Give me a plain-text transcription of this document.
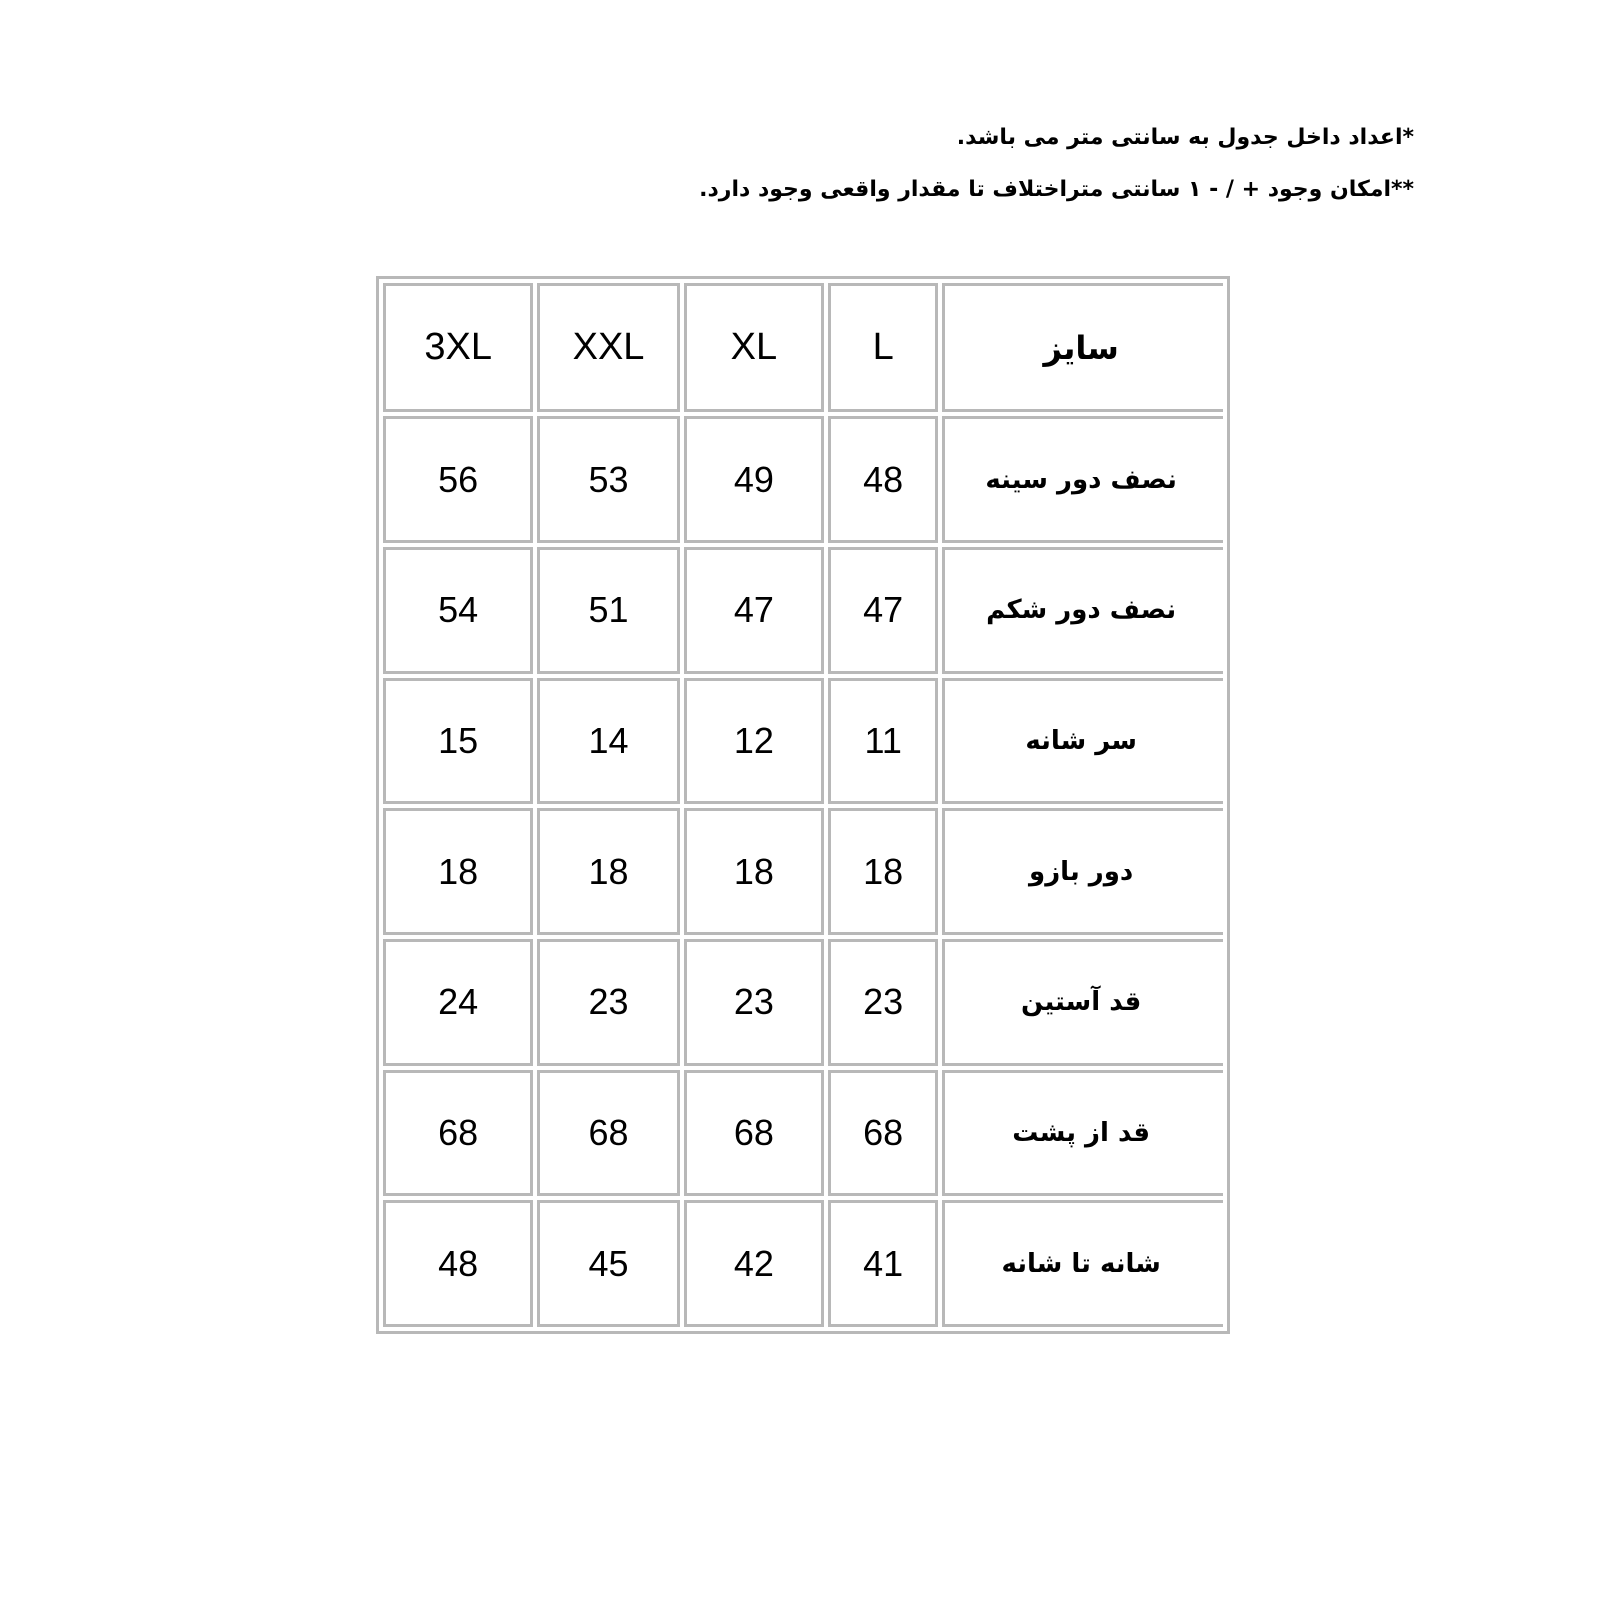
*اعداد داخل جدول به سانتی متر می باشد.
**امکان وجود + / - ۱ سانتی متراختلاف تا مقدار واقعی وجود دارد.
3XL	XXL	XL	L	سایز
56	53	49	48	نصف دور سینه
54	51	47	47	نصف دور شکم
15	14	12	11	سر شانه
18	18	18	18	دور بازو
24	23	23	23	قد آستین
68	68	68	68	قد از پشت
48	45	42	41	شانه تا شانه
